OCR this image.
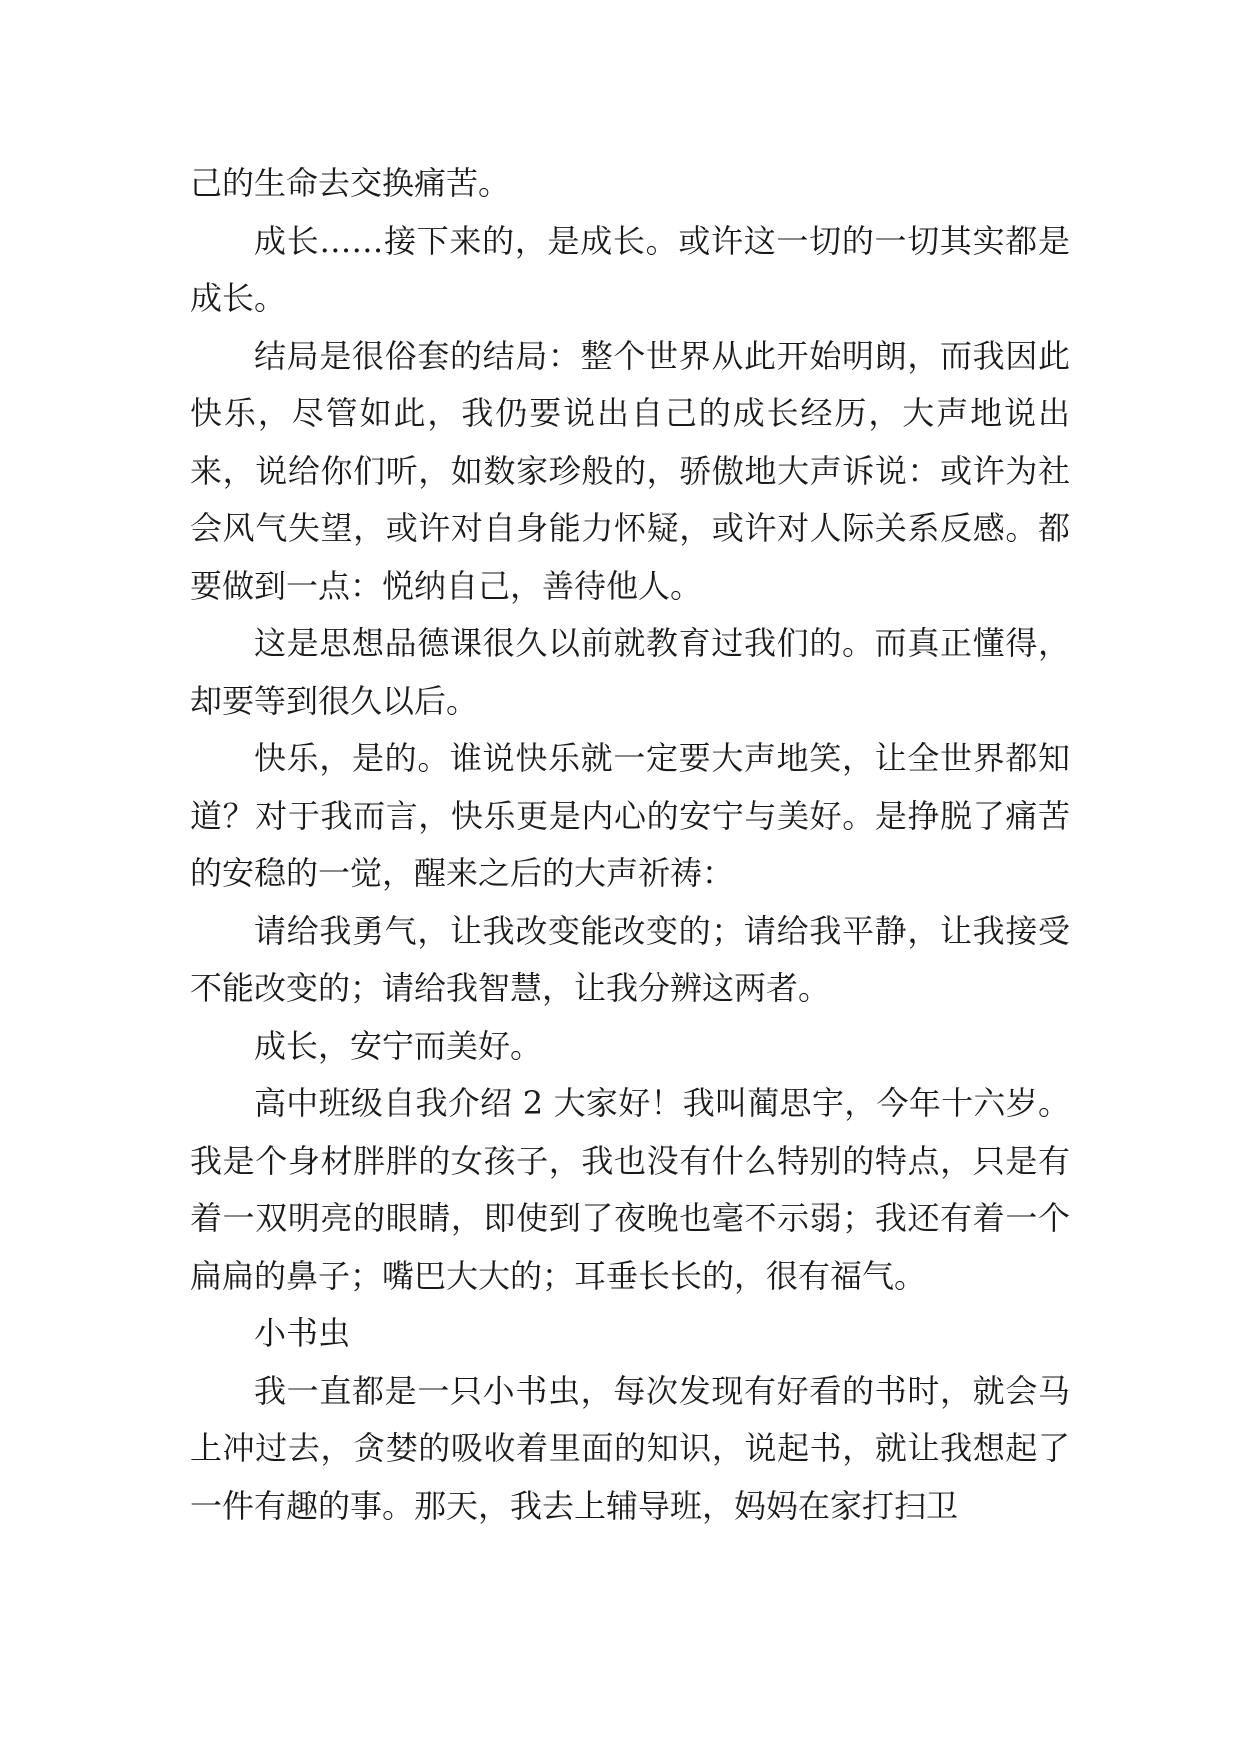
己的生命去交换痛苦。

成长……接下来的，是成长。或许这一切的一切其实都是成长。

结局是很俗套的结局：整个世界从此开始明朗，而我因此快乐，尽管如此，我仍要说出自己的成长经历，大声地说出来，说给你们听，如数家珍般的，骄傲地大声诉说：或许为社会风气失望，或许对自身能力怀疑，或许对人际关系反感。都要做到一点：悦纳自己，善待他人。

这是思想品德课很久以前就教育过我们的。而真正懂得，却要等到很久以后。

快乐，是的。谁说快乐就一定要大声地笑，让全世界都知道？对于我而言，快乐更是内心的安宁与美好。是挣脱了痛苦的安稳的一觉，醒来之后的大声祈祷：

请给我勇气，让我改变能改变的；请给我平静，让我接受不能改变的；请给我智慧，让我分辨这两者。

成长，安宁而美好。

高中班级自我介绍 2 大家好！我叫蔺思宇，今年十六岁。我是个身材胖胖的女孩子，我也没有什么特别的特点，只是有着一双明亮的眼睛，即使到了夜晚也毫不示弱；我还有着一个扁扁的鼻子；嘴巴大大的；耳垂长长的，很有福气。

小书虫

我一直都是一只小书虫，每次发现有好看的书时，就会马上冲过去，贪婪的吸收着里面的知识，说起书，就让我想起了一件有趣的事。那天，我去上辅导班，妈妈在家打扫卫
